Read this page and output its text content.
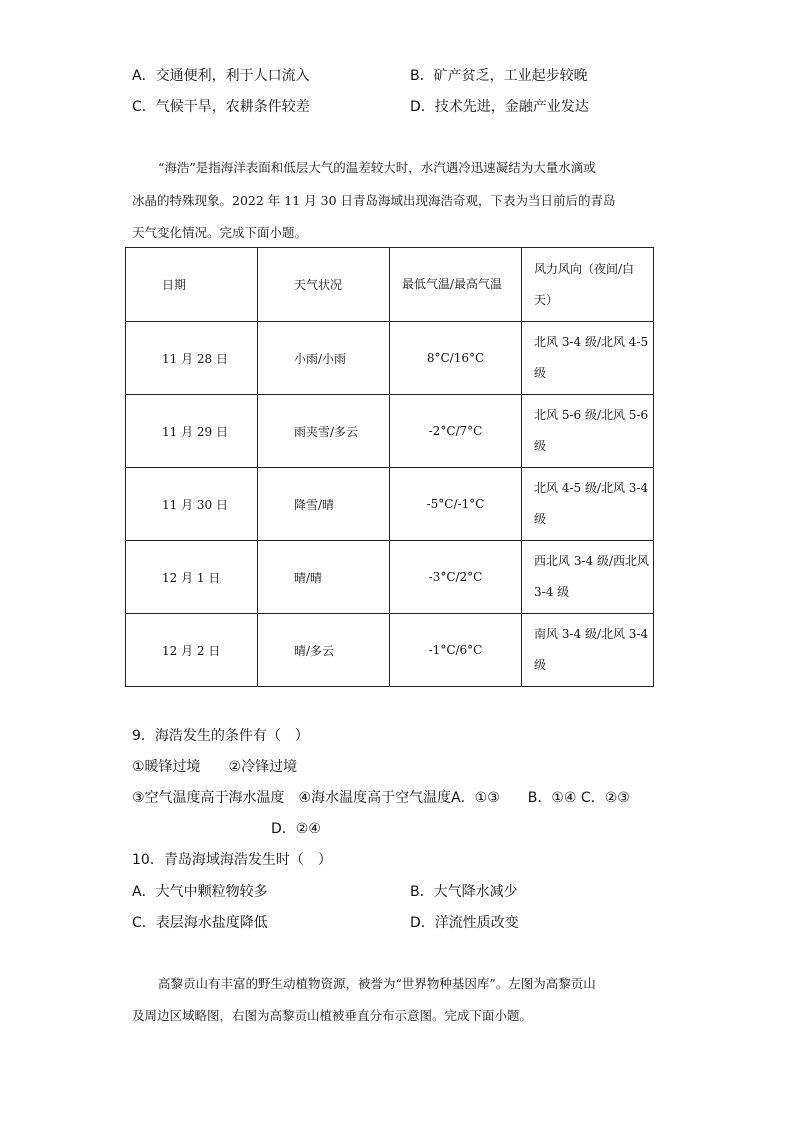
A．交通便利，利于人口流入	B．矿产贫乏，工业起步较晚
C．气候干旱，农耕条件较差	D．技术先进，金融产业发达
“海浩”是指海洋表面和低层大气的温差较大时，水汽遇冷迅速凝结为大量水滴或
冰晶的特殊现象。2022 年 11 月 30 日青岛海域出现海浩奇观，下表为当日前后的青岛
天气变化情况。完成下面小题。
日期	天气状况	最低气温/最高气温	风力风向（夜间/白天）

11 月 28 日	小雨/小雨	8°C/16°C	北风 3-4 级/北风 4-5 级

11 月 29 日	雨夹雪/多云	-2°C/7°C	北风 5-6 级/北风 5-6 级

11 月 30 日	降雪/晴	-5°C/-1°C	北风 4-5 级/北风 3-4 级

12 月 1 日	晴/晴	-3°C/2°C	西北风 3-4 级/西北风 3-4 级

12 月 2 日	晴/多云	-1°C/6°C	南风 3-4 级/北风 3-4 级
9．海浩发生的条件有（　）
①暖锋过境　　②冷锋过境
③空气温度高于海水温度　④海水温度高于空气温度A．①③　　B．①④ C．②③
D．②④
10．青岛海域海浩发生时（　）
A．大气中颗粒物较多	B．大气降水减少
C．表层海水盐度降低	D．洋流性质改变
高黎贡山有丰富的野生动植物资源，被誉为“世界物种基因库”。左图为高黎贡山
及周边区域略图，右图为高黎贡山植被垂直分布示意图。完成下面小题。
